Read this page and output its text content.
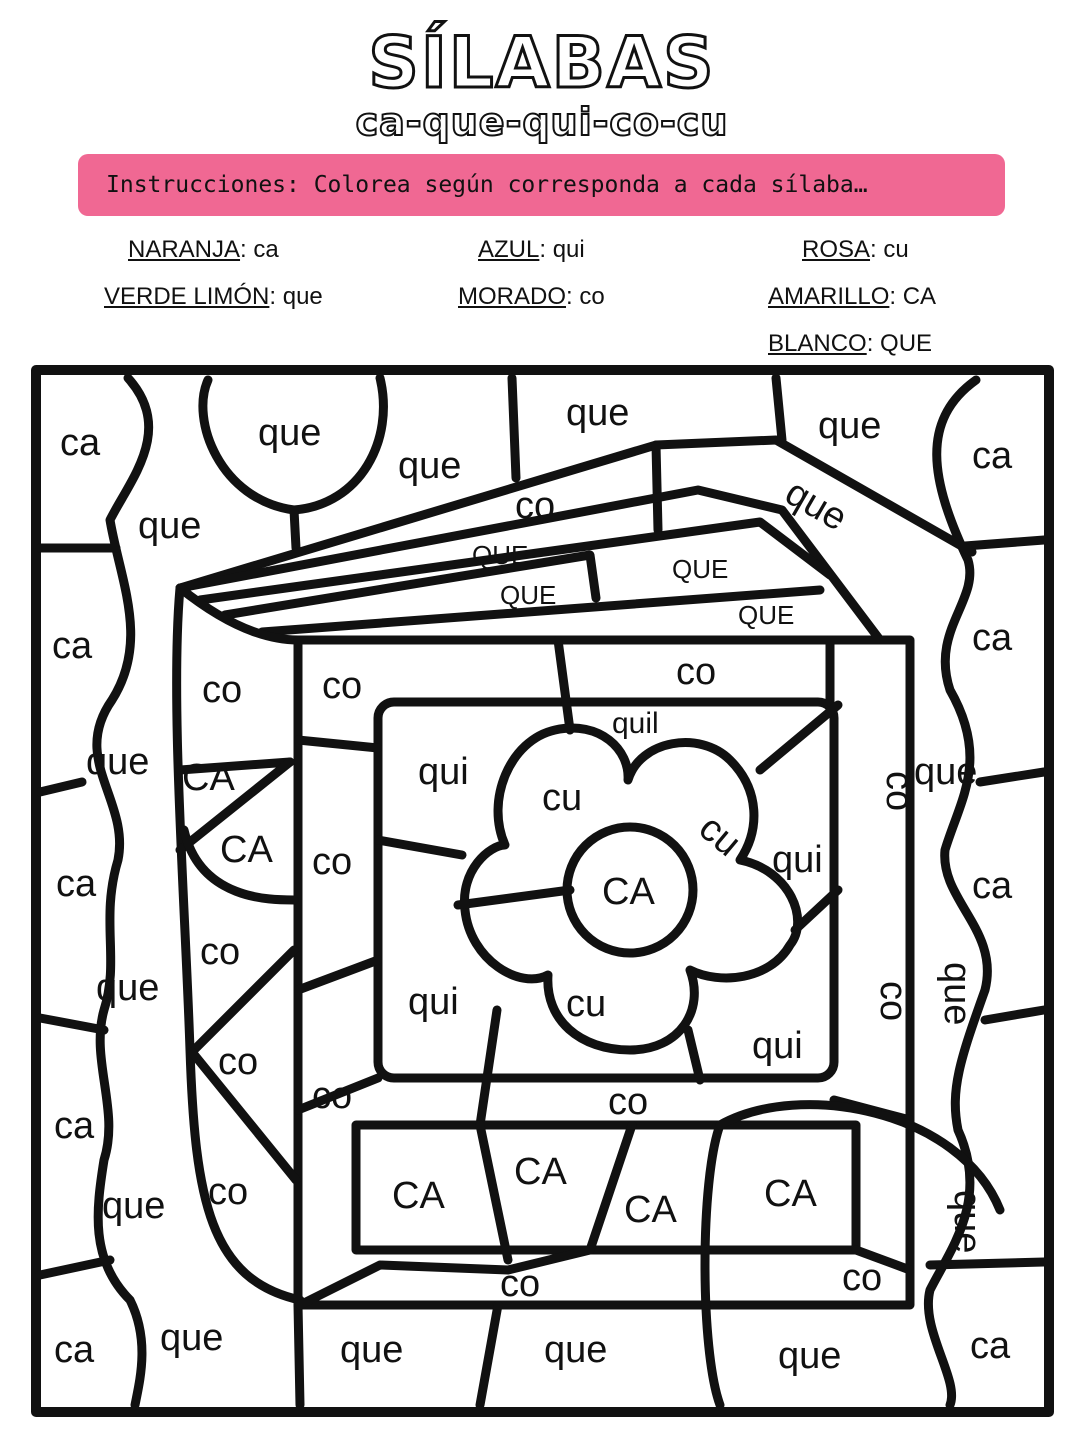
SÍLABAS
ca-que-qui-co-cu
Instrucciones: Colorea según corresponda a cada sílaba…
NARANJA: ca	AZUL: qui	ROSA: cu
VERDE LIMÓN: que	MORADO: co	AMARILLO: CA
BLANCO: QUE
ca	que
que
que	que
ca
que	co	que
QUE
QUE
QUE
QUE
ca	ca
co co	co
quil
que CA	que
qui
cu	co
CA	cu qui
co
ca	CA	ca
co
que
qui	cu	co
que
co	qui
ca
co	co
CA
CA
CA CA
co
que	que
co	co
ca que	que	que	que	ca
